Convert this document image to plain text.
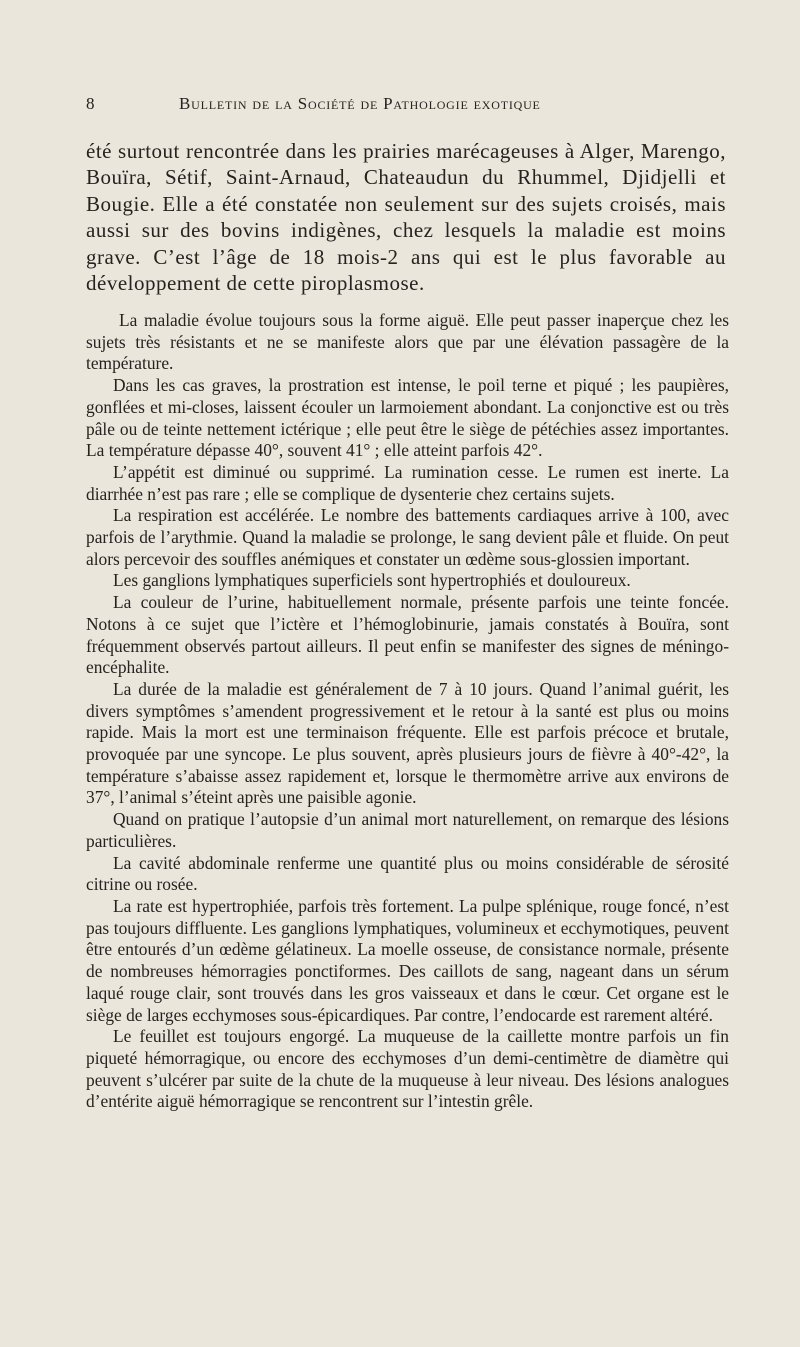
8	Bulletin de la Société de Pathologie exotique

été surtout rencontrée dans les prairies marécageuses à Alger, Marengo, Bouïra, Sétif, Saint-Arnaud, Chateaudun du Rhummel, Djidjelli et Bougie. Elle a été constatée non seulement sur des sujets croisés, mais aussi sur des bovins indigènes, chez lesquels la maladie est moins grave. C’est l’âge de 18 mois-2 ans qui est le plus favorable au développement de cette piroplasmose.

La maladie évolue toujours sous la forme aiguë. Elle peut passer inaperçue chez les sujets très résistants et ne se manifeste alors que par une élévation passagère de la température.

Dans les cas graves, la prostration est intense, le poil terne et piqué ; les paupières, gonflées et mi-closes, laissent écouler un larmoiement abondant. La conjonctive est ou très pâle ou de teinte nettement ictérique ; elle peut être le siège de pétéchies assez importantes. La température dépasse 40°, souvent 41° ; elle atteint parfois 42°.

L’appétit est diminué ou supprimé. La rumination cesse. Le rumen est inerte. La diarrhée n’est pas rare ; elle se complique de dysenterie chez certains sujets.

La respiration est accélérée. Le nombre des battements cardiaques arrive à 100, avec parfois de l’arythmie. Quand la maladie se prolonge, le sang devient pâle et fluide. On peut alors percevoir des souffles anémiques et constater un œdème sous-glossien important.

Les ganglions lymphatiques superficiels sont hypertrophiés et douloureux.

La couleur de l’urine, habituellement normale, présente parfois une teinte foncée. Notons à ce sujet que l’ictère et l’hémoglobinurie, jamais constatés à Bouïra, sont fréquemment observés partout ailleurs. Il peut enfin se manifester des signes de méningo-encéphalite.

La durée de la maladie est généralement de 7 à 10 jours. Quand l’animal guérit, les divers symptômes s’amendent progressivement et le retour à la santé est plus ou moins rapide. Mais la mort est une terminaison fréquente. Elle est parfois précoce et brutale, provoquée par une syncope. Le plus souvent, après plusieurs jours de fièvre à 40°-42°, la température s’abaisse assez rapidement et, lorsque le thermomètre arrive aux environs de 37°, l’animal s’éteint après une paisible agonie.

Quand on pratique l’autopsie d’un animal mort naturellement, on remarque des lésions particulières.

La cavité abdominale renferme une quantité plus ou moins considérable de sérosité citrine ou rosée.

La rate est hypertrophiée, parfois très fortement. La pulpe splénique, rouge foncé, n’est pas toujours diffluente. Les ganglions lymphatiques, volumineux et ecchymotiques, peuvent être entourés d’un œdème gélatineux. La moelle osseuse, de consistance normale, présente de nombreuses hémorragies ponctiformes. Des caillots de sang, nageant dans un sérum laqué rouge clair, sont trouvés dans les gros vaisseaux et dans le cœur. Cet organe est le siège de larges ecchymoses sous-épicardiques. Par contre, l’endocarde est rarement altéré.

Le feuillet est toujours engorgé. La muqueuse de la caillette montre parfois un fin piqueté hémorragique, ou encore des ecchymoses d’un demi-centimètre de diamètre qui peuvent s’ulcérer par suite de la chute de la muqueuse à leur niveau. Des lésions analogues d’entérite aiguë hémorragique se rencontrent sur l’intestin grêle.
